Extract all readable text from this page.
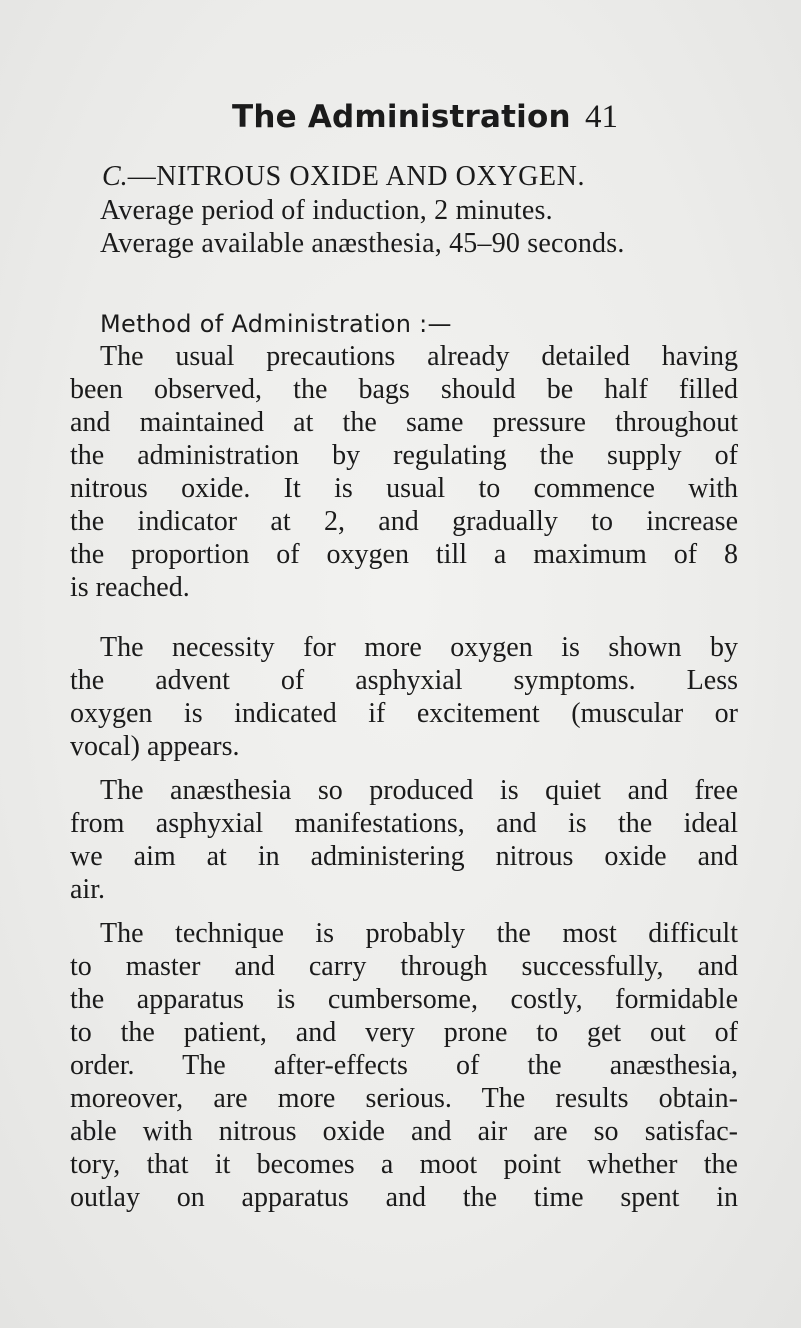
The Administration 41
C.—NITROUS OXIDE AND OXYGEN.
Average period of induction, 2 minutes.
Average available anæsthesia, 45–90 seconds.
Method of Administration :—
The usual precautions already detailed having
been observed, the bags should be half filled
and maintained at the same pressure throughout
the administration by regulating the supply of
nitrous oxide. It is usual to commence with
the indicator at 2, and gradually to increase
the proportion of oxygen till a maximum of 8
is reached.
The necessity for more oxygen is shown by
the advent of asphyxial symptoms. Less
oxygen is indicated if excitement (muscular or
vocal) appears.
The anæsthesia so produced is quiet and free
from asphyxial manifestations, and is the ideal
we aim at in administering nitrous oxide and
air.
The technique is probably the most difficult
to master and carry through successfully, and
the apparatus is cumbersome, costly, formidable
to the patient, and very prone to get out of
order. The after-effects of the anæsthesia,
moreover, are more serious. The results obtain-
able with nitrous oxide and air are so satisfac-
tory, that it becomes a moot point whether the
outlay on apparatus and the time spent in
